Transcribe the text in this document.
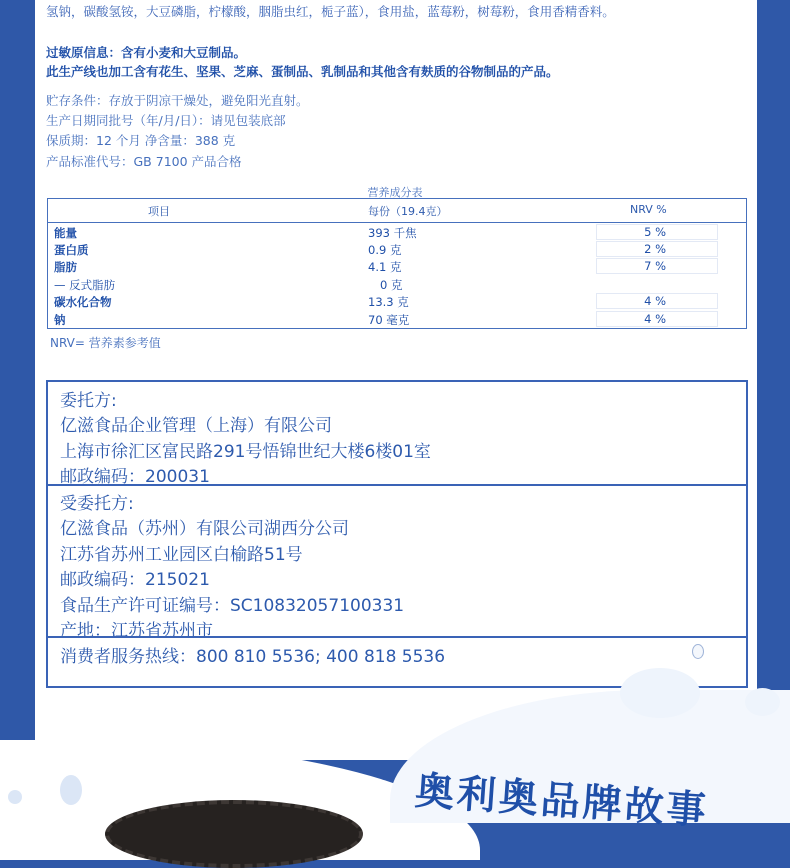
氢钠，碳酸氢铵，大豆磷脂，柠檬酸，胭脂虫红，栀子蓝），食用盐，蓝莓粉，树莓粉，食用香精香料。
过敏原信息：含有小麦和大豆制品。
此生产线也加工含有花生、坚果、芝麻、蛋制品、乳制品和其他含有麸质的谷物制品的产品。
贮存条件：存放于阴凉干燥处，避免阳光直射。
生产日期同批号（年/月/日）：请见包装底部
保质期：12 个月 净含量：388 克
产品标准代号：GB 7100 产品合格
营养成分表
项目	每份（19.4克）	NRV %
能量	393 千焦	5 %
蛋白质	0.9 克	2 %
脂肪	4.1 克	7 %
— 反式脂肪	0 克
碳水化合物	13.3 克	4 %
钠	70 毫克	4 %
NRV= 营养素参考值
委托方:
亿滋食品企业管理（上海）有限公司
上海市徐汇区富民路291号悟锦世纪大楼6楼01室
邮政编码：200031
受委托方:
亿滋食品（苏州）有限公司湖西分公司
江苏省苏州工业园区白榆路51号
邮政编码：215021
食品生产许可证编号：SC10832057100331
产地：江苏省苏州市
消费者服务热线：800 810 5536; 400 818 5536
奥利奥品牌故事
